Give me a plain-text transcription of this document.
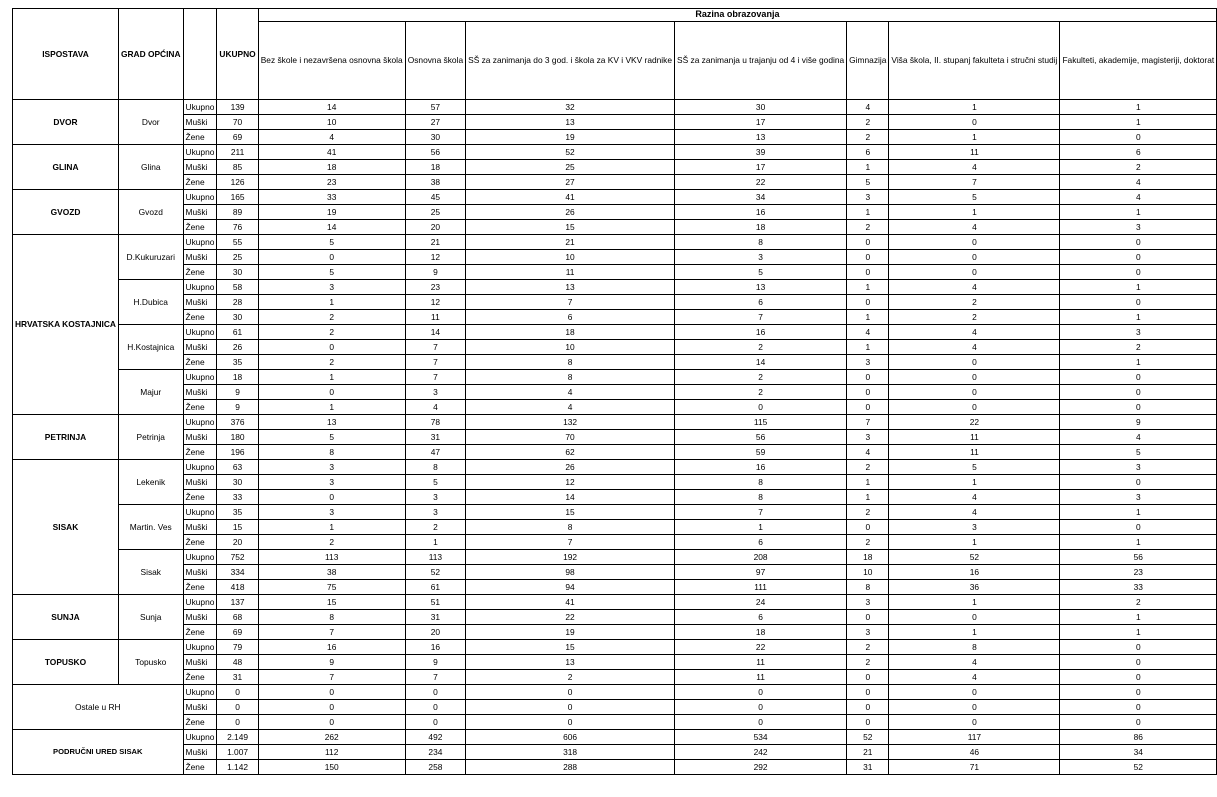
ISPOSTAVA	GRAD OPĆINA		UKUPNO	Razina obrazovanja						
				Bez škole i nezavršena osnovna škola	Osnovna škola	SŠ za zanimanja do 3 god. i škola za KV i VKV radnike	SŠ za zanimanja u trajanju od 4 i više godina	Gimnazija	Viša škola, II. stupanj fakulteta i stručni studij	Fakulteti, akademije, magisteriji, doktorat
DVOR	Dvor	Ukupno	139	14	57	32	30	4	1	1
		Muški	70	10	27	13	17	2	0	1
		Žene	69	4	30	19	13	2	1	0
GLINA	Glina	Ukupno	211	41	56	52	39	6	11	6
		Muški	85	18	18	25	17	1	4	2
		Žene	126	23	38	27	22	5	7	4
GVOZD	Gvozd	Ukupno	165	33	45	41	34	3	5	4
		Muški	89	19	25	26	16	1	1	1
		Žene	76	14	20	15	18	2	4	3
HRVATSKA KOSTAJNICA	D.Kukuruzari	Ukupno	55	5	21	21	8	0	0	0
		Muški	25	0	12	10	3	0	0	0
		Žene	30	5	9	11	5	0	0	0
	H.Dubica	Ukupno	58	3	23	13	13	1	4	1
		Muški	28	1	12	7	6	0	2	0
		Žene	30	2	11	6	7	1	2	1
	H.Kostajnica	Ukupno	61	2	14	18	16	4	4	3
		Muški	26	0	7	10	2	1	4	2
		Žene	35	2	7	8	14	3	0	1
	Majur	Ukupno	18	1	7	8	2	0	0	0
		Muški	9	0	3	4	2	0	0	0
		Žene	9	1	4	4	0	0	0	0
PETRINJA	Petrinja	Ukupno	376	13	78	132	115	7	22	9
		Muški	180	5	31	70	56	3	11	4
		Žene	196	8	47	62	59	4	11	5
SISAK	Lekenik	Ukupno	63	3	8	26	16	2	5	3
		Muški	30	3	5	12	8	1	1	0
		Žene	33	0	3	14	8	1	4	3
	Martin. Ves	Ukupno	35	3	3	15	7	2	4	1
		Muški	15	1	2	8	1	0	3	0
		Žene	20	2	1	7	6	2	1	1
	Sisak	Ukupno	752	113	113	192	208	18	52	56
		Muški	334	38	52	98	97	10	16	23
		Žene	418	75	61	94	111	8	36	33
SUNJA	Sunja	Ukupno	137	15	51	41	24	3	1	2
		Muški	68	8	31	22	6	0	0	1
		Žene	69	7	20	19	18	3	1	1
TOPUSKO	Topusko	Ukupno	79	16	16	15	22	2	8	0
		Muški	48	9	9	13	11	2	4	0
		Žene	31	7	7	2	11	0	4	0
Ostale u RH		Ukupno	0	0	0	0	0	0	0	0
		Muški	0	0	0	0	0	0	0	0
		Žene	0	0	0	0	0	0	0	0
PODRUČNI URED SISAK		Ukupno	2.149	262	492	606	534	52	117	86
		Muški	1.007	112	234	318	242	21	46	34
		Žene	1.142	150	258	288	292	31	71	52
